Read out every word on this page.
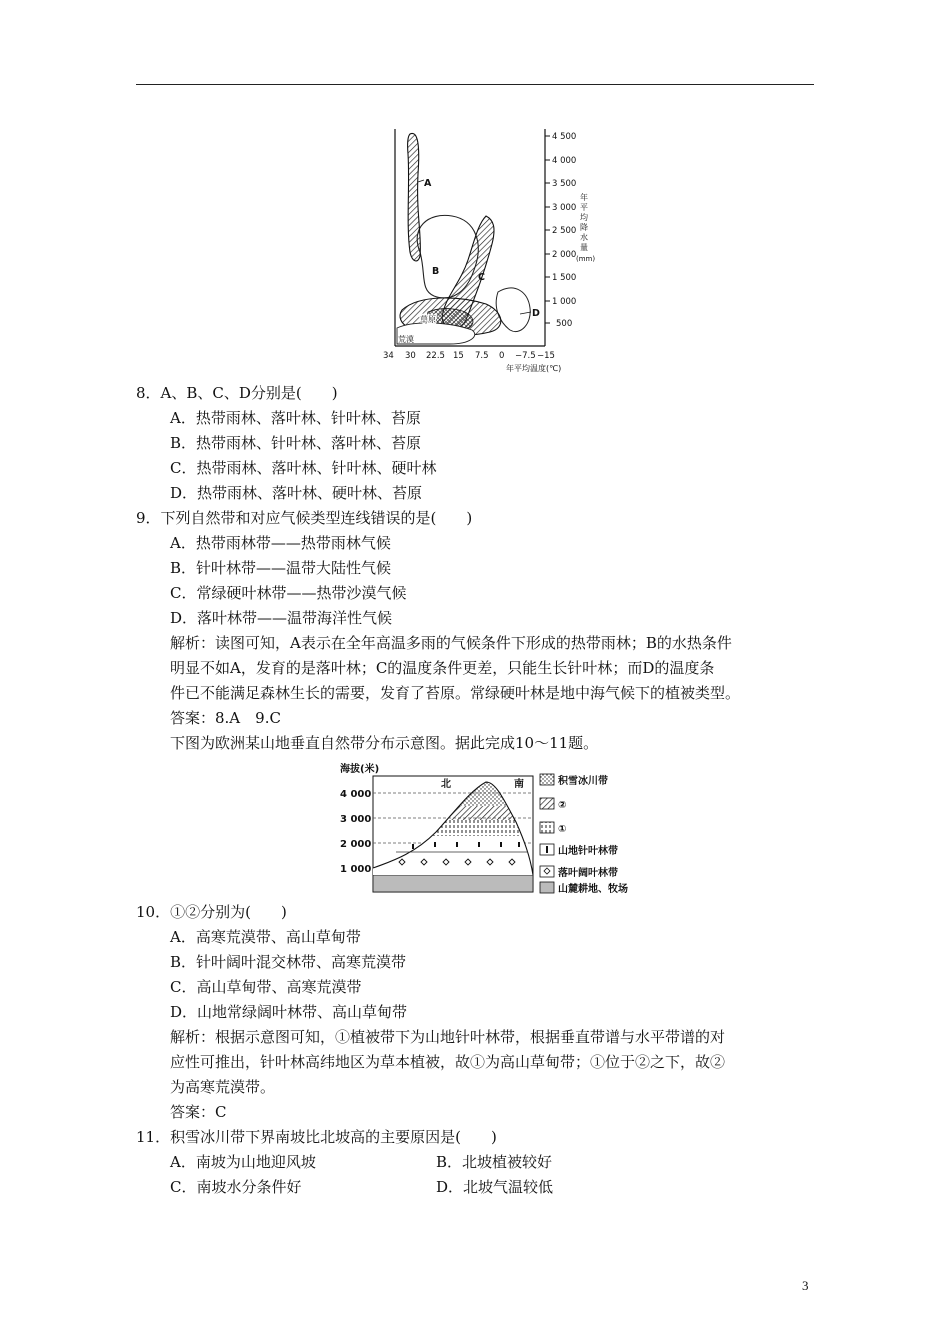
4 500
4 000
3 500
3 000
2 500
2 000
1 500
1 000
500
年
平
均
降
水
量
(mm)
34 30 22.5 15 7.5 0 −7.5 −15
年平均温度(℃)
A
B
C
D
草原
荒漠
8．A、B、C、D分别是(　　)
A．热带雨林、落叶林、针叶林、苔原
B．热带雨林、针叶林、落叶林、苔原
C．热带雨林、落叶林、针叶林、硬叶林
D．热带雨林、落叶林、硬叶林、苔原
9．下列自然带和对应气候类型连线错误的是(　　)
A．热带雨林带——热带雨林气候
B．针叶林带——温带大陆性气候
C．常绿硬叶林带——热带沙漠气候
D．落叶林带——温带海洋性气候
解析：读图可知，A表示在全年高温多雨的气候条件下形成的热带雨林；B的水热条件
明显不如A，发育的是落叶林；C的温度条件更差，只能生长针叶林；而D的温度条
件已不能满足森林生长的需要，发育了苔原。常绿硬叶林是地中海气候下的植被类型。
答案：8.A　9.C
下图为欧洲某山地垂直自然带分布示意图。据此完成10～11题。
海拔(米)
4 000
3 000
2 000
1 000
北	南	积雪冰川带
②
①
山地针叶林带
落叶阔叶林带
山麓耕地、牧场
10．①②分别为(　　)
A．高寒荒漠带、高山草甸带
B．针叶阔叶混交林带、高寒荒漠带
C．高山草甸带、高寒荒漠带
D．山地常绿阔叶林带、高山草甸带
解析：根据示意图可知，①植被带下为山地针叶林带，根据垂直带谱与水平带谱的对
应性可推出，针叶林高纬地区为草本植被，故①为高山草甸带；①位于②之下，故②
为高寒荒漠带。
答案：C
11．积雪冰川带下界南坡比北坡高的主要原因是(　　)
A．南坡为山地迎风坡	B．北坡植被较好
C．南坡水分条件好	D．北坡气温较低
3
